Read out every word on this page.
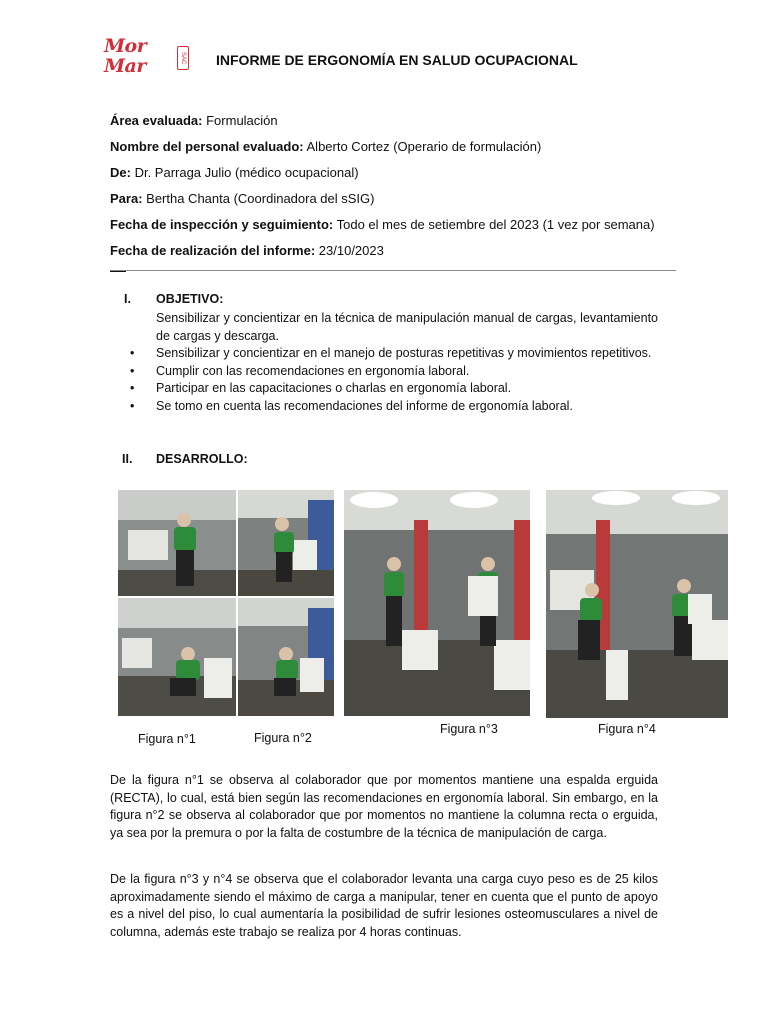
Mor Mar	SAC INFORME DE ERGONOMÍA EN SALUD OCUPACIONAL
Área evaluada: Formulación
Nombre del personal evaluado: Alberto Cortez (Operario de formulación)
De: Dr. Parraga Julio (médico ocupacional)
Para: Bertha Chanta (Coordinadora del sSIG)
Fecha de inspección y seguimiento: Todo el mes de setiembre del 2023 (1 vez por semana)
Fecha de realización del informe: 23/10/2023
I. OBJETIVO:
Sensibilizar y concientizar en la técnica de manipulación manual de cargas, levantamiento de cargas y descarga.
• Sensibilizar y concientizar en el manejo de posturas repetitivas y movimientos repetitivos.
• Cumplir con las recomendaciones en ergonomía laboral.
• Participar en las capacitaciones o charlas en ergonomía laboral.
• Se tomo en cuenta las recomendaciones del informe de ergonomía laboral.
II. DESARROLLO:
Figura n°1	Figura n°2
Figura n°3	Figura n°4
De la figura n°1 se observa al colaborador que por momentos mantiene una espalda erguida (RECTA), lo cual, está bien según las recomendaciones en ergonomía laboral. Sin embargo, en la figura n°2 se observa al colaborador que por momentos no mantiene la columna recta o erguida, ya sea por la premura o por la falta de costumbre de la técnica de manipulación de carga.
De la figura n°3 y n°4 se observa que el colaborador levanta una carga cuyo peso es de 25 kilos aproximadamente siendo el máximo de carga a manipular, tener en cuenta que el punto de apoyo es a nivel del piso, lo cual aumentaría la posibilidad de sufrir lesiones osteomusculares a nivel de columna, además este trabajo se realiza por 4 horas continuas.
